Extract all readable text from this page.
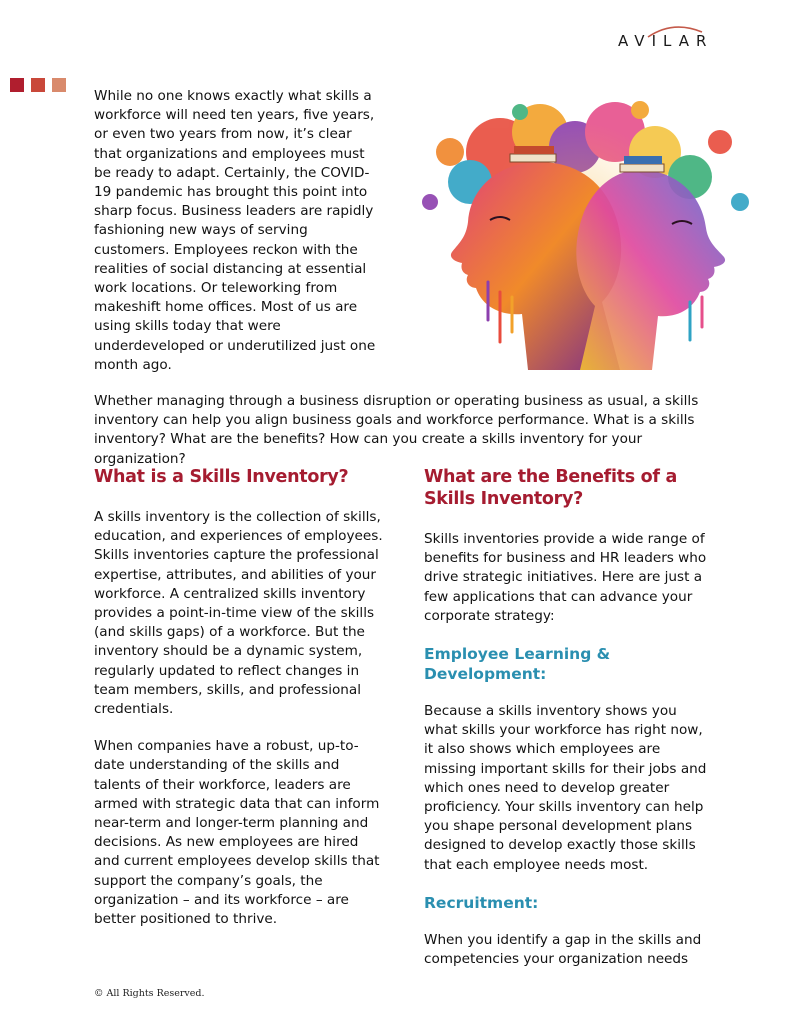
AVILAR

While no one knows exactly what skills a workforce will need ten years, five years, or even two years from now, it’s clear that organizations and employees must be ready to adapt. Certainly, the COVID-19 pandemic has brought this point into sharp focus. Business leaders are rapidly fashioning new ways of serving customers. Employees reckon with the realities of social distancing at essential work locations. Or teleworking from makeshift home offices. Most of us are using skills today that were underdeveloped or underutilized just one month ago.

Whether managing through a business disruption or operating business as usual, a skills inventory can help you align business goals and workforce performance. What is a skills inventory? What are the benefits? How can you create a skills inventory for your organization?

What is a Skills Inventory?

A skills inventory is the collection of skills, education, and experiences of employees. Skills inventories capture the professional expertise, attributes, and abilities of your workforce. A centralized skills inventory provides a point-in-time view of the skills (and skills gaps) of a workforce. But the inventory should be a dynamic system, regularly updated to reflect changes in team members, skills, and professional credentials.

When companies have a robust, up-to-date understanding of the skills and talents of their workforce, leaders are armed with strategic data that can inform near-term and longer-term planning and decisions. As new employees are hired and current employees develop skills that support the company’s goals, the organization – and its workforce – are better positioned to thrive.

What are the Benefits of a Skills Inventory?

Skills inventories provide a wide range of benefits for business and HR leaders who drive strategic initiatives. Here are just a few applications that can advance your corporate strategy:

Employee Learning & Development:

Because a skills inventory shows you what skills your workforce has right now, it also shows which employees are missing important skills for their jobs and which ones need to develop greater proficiency. Your skills inventory can help you shape personal development plans designed to develop exactly those skills that each employee needs most.

Recruitment:

When you identify a gap in the skills and competencies your organization needs

© All Rights Reserved.
